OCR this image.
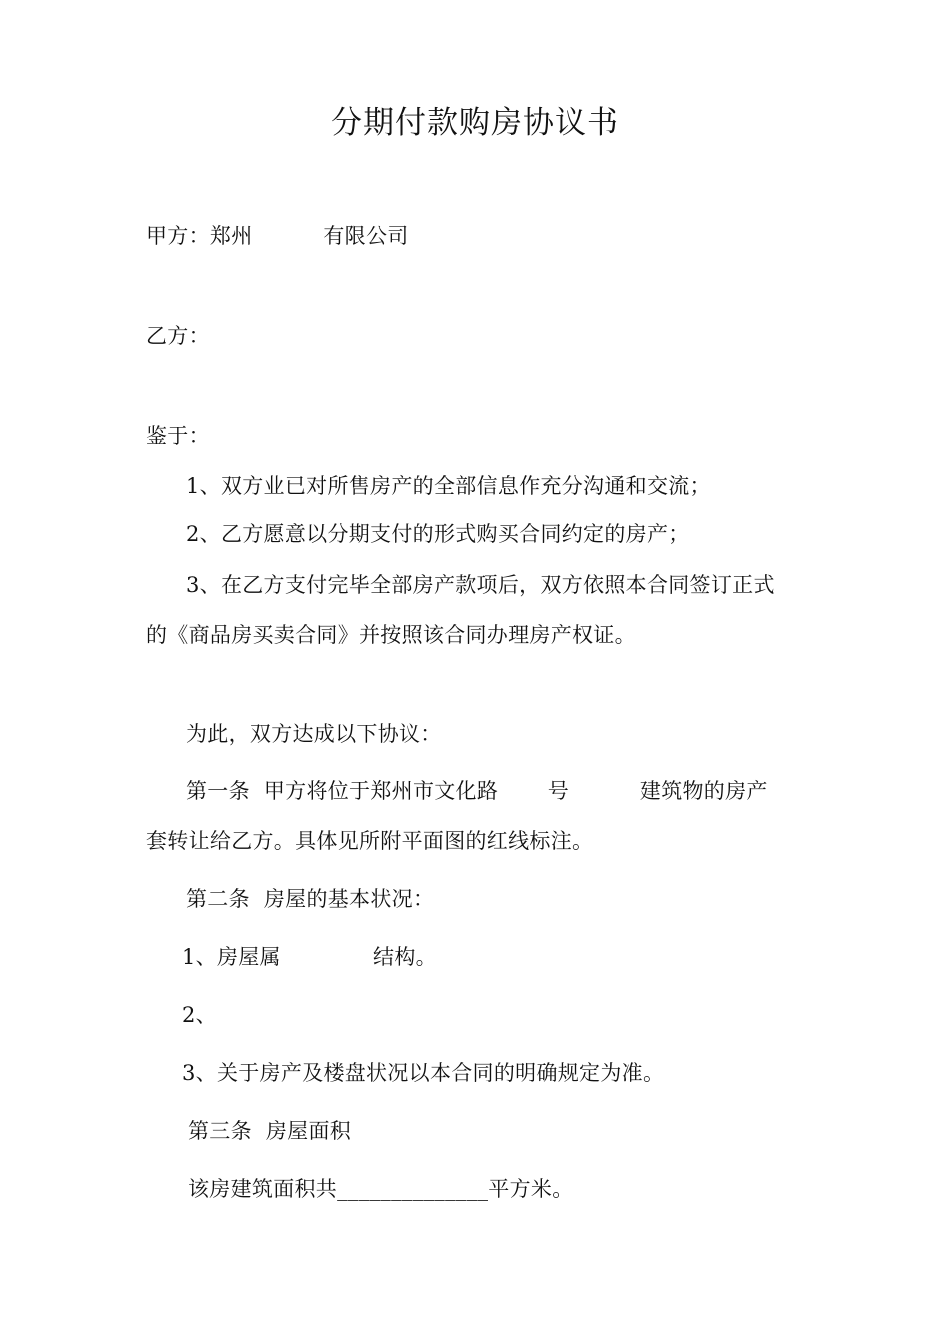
分期付款购房协议书
甲方：郑州 　　　有限公司
乙方：
鉴于：
1、双方业已对所售房产的全部信息作充分沟通和交流；
2、乙方愿意以分期支付的形式购买合同约定的房产；
3、在乙方支付完毕全部房产款项后，双方依照本合同签订正式
的《商品房买卖合同》并按照该合同办理房产权证。
为此，双方达成以下协议：
第一条  甲方将位于郑州市文化路 　　号 　　　建筑物的房产
套转让给乙方。具体见所附平面图的红线标注。
第二条  房屋的基本状况：
1、房屋属 　　　　结构。
2、
3、关于房产及楼盘状况以本合同的明确规定为准。
第三条  房屋面积
该房建筑面积共______________平方米。
